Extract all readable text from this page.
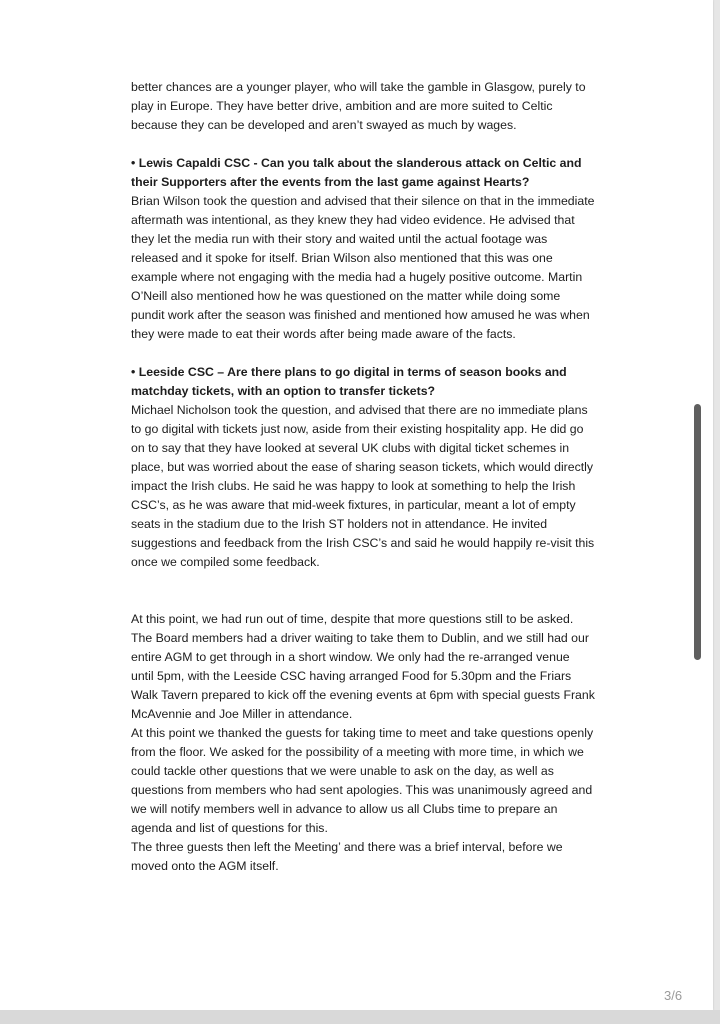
better chances are a younger player, who will take the gamble in Glasgow, purely to
play in Europe. They have better drive, ambition and are more suited to Celtic
because they can be developed and aren’t swayed as much by wages.

• Lewis Capaldi CSC - Can you talk about the slanderous attack on Celtic and
their Supporters after the events from the last game against Hearts?

Brian Wilson took the question and advised that their silence on that in the immediate
aftermath was intentional, as they knew they had video evidence. He advised that
they let the media run with their story and waited until the actual footage was
released and it spoke for itself. Brian Wilson also mentioned that this was one
example where not engaging with the media had a hugely positive outcome. Martin
O’Neill also mentioned how he was questioned on the matter while doing some
pundit work after the season was finished and mentioned how amused he was when
they were made to eat their words after being made aware of the facts.

• Leeside CSC – Are there plans to go digital in terms of season books and
matchday tickets, with an option to transfer tickets?

Michael Nicholson took the question, and advised that there are no immediate plans
to go digital with tickets just now, aside from their existing hospitality app. He did go
on to say that they have looked at several UK clubs with digital ticket schemes in
place, but was worried about the ease of sharing season tickets, which would directly
impact the Irish clubs. He said he was happy to look at something to help the Irish
CSC’s, as he was aware that mid-week fixtures, in particular, meant a lot of empty
seats in the stadium due to the Irish ST holders not in attendance. He invited
suggestions and feedback from the Irish CSC’s and said he would happily re-visit this
once we compiled some feedback.

At this point, we had run out of time, despite that more questions still to be asked.
The Board members had a driver waiting to take them to Dublin, and we still had our
entire AGM to get through in a short window. We only had the re-arranged venue
until 5pm, with the Leeside CSC having arranged Food for 5.30pm and the Friars
Walk Tavern prepared to kick off the evening events at 6pm with special guests Frank
McAvennie and Joe Miller in attendance.

At this point we thanked the guests for taking time to meet and take questions openly
from the floor. We asked for the possibility of a meeting with more time, in which we
could tackle other questions that we were unable to ask on the day, as well as
questions from members who had sent apologies. This was unanimously agreed and
we will notify members well in advance to allow us all Clubs time to prepare an
agenda and list of questions for this.

The three guests then left the Meeting’ and there was a brief interval, before we
moved onto the AGM itself.

3/6
